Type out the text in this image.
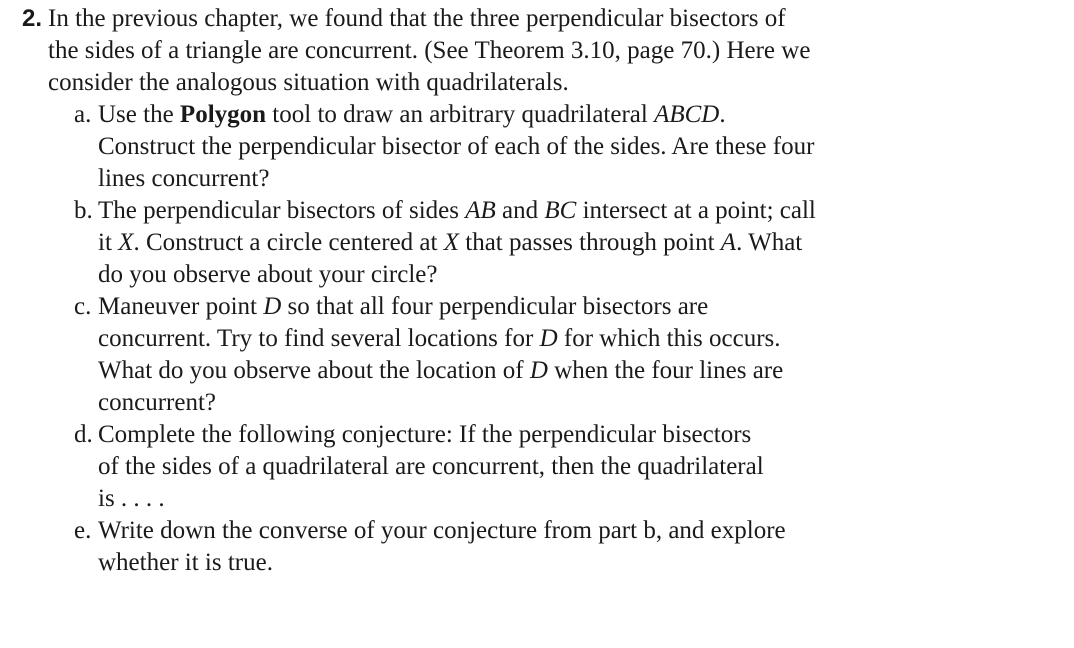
2. In the previous chapter, we found that the three perpendicular bisectors of
the sides of a triangle are concurrent. (See Theorem 3.10, page 70.) Here we
consider the analogous situation with quadrilaterals.
a. Use the Polygon tool to draw an arbitrary quadrilateral ABCD.
Construct the perpendicular bisector of each of the sides. Are these four
lines concurrent?
b. The perpendicular bisectors of sides AB and BC intersect at a point; call
it X. Construct a circle centered at X that passes through point A. What
do you observe about your circle?
c. Maneuver point D so that all four perpendicular bisectors are
concurrent. Try to find several locations for D for which this occurs.
What do you observe about the location of D when the four lines are
concurrent?
d. Complete the following conjecture: If the perpendicular bisectors
of the sides of a quadrilateral are concurrent, then the quadrilateral
is . . . .
e. Write down the converse of your conjecture from part b, and explore
whether it is true.
